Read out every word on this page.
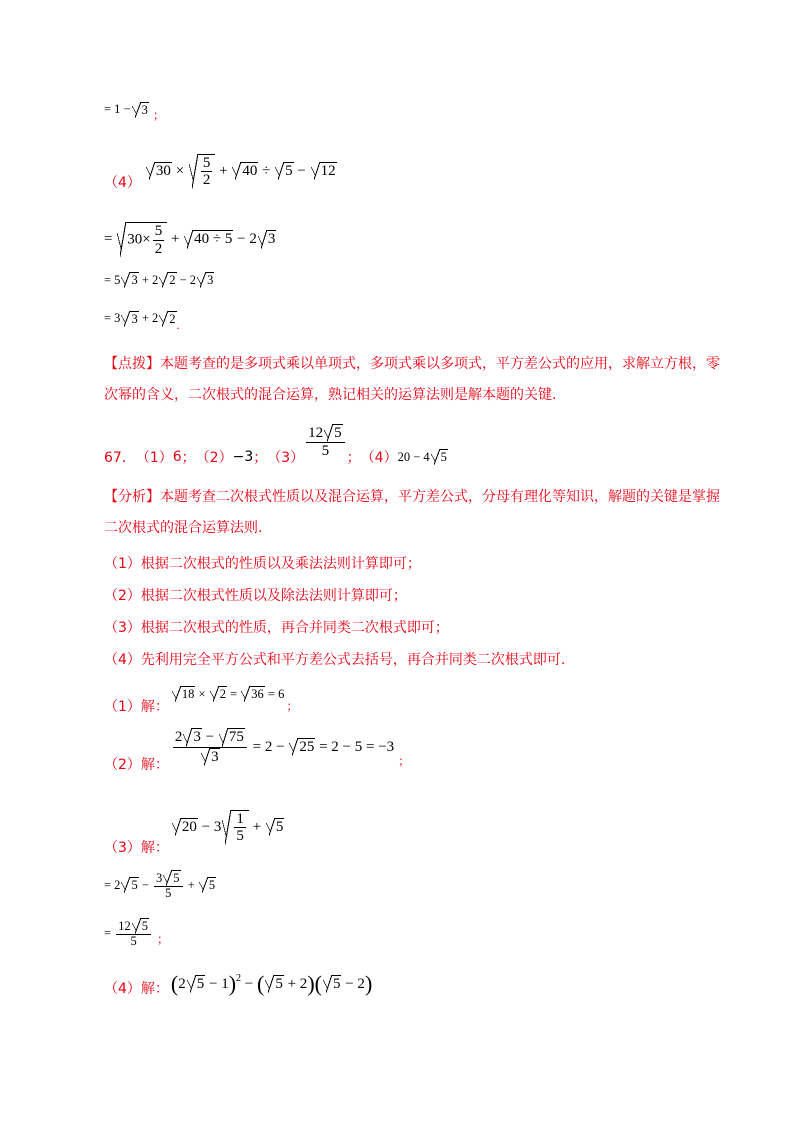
= 1 − 3 ；
（4）
$30 \times \frac{5}{2} + 40 \div 5 - 12$
= $30\times \frac{5}{2} + 40 \div 5 - 2$ 3
= 5 3 + 2 2 − 2 3
= 3 3 + 2 2 .
【点拨】本题考查的是多项式乘以单项式，多项式乘以多项式，平方差公式的应用，求解立方根，零次幂的含义，二次根式的混合运算，熟记相关的运算法则是解本题的关键.
67． （1） 6 ； （2） −3 ； $(3) \frac{12 5}{5}$ ； （4） 20 − 4 5
【分析】本题考查二次根式性质以及混合运算，平方差公式，分母有理化等知识，解题的关键是掌握二次根式的混合运算法则.
（1）根据二次根式的性质以及乘法法则计算即可；
（2）根据二次根式性质以及除法法则计算即可；
（3）根据二次根式的性质，再合并同类二次根式即可；
（4）先利用完全平方公式和平方差公式去括号，再合并同类二次根式即可.
（1）解：
18 × 2 = 36 = 6
；
（2）解： $\frac{2 3 - 75}{3} = 2 - 25 = 2 - 5 = -3$
；
（3）解：
$20 - 3 \frac{1}{5} + 5$
= 2 $5 - \frac{3 5}{5} + 5$
= $\frac{12 5}{5}$ ；
（4）解： ( 2 5 − 1 )$^2$ − ( 5 + 2 ) ( 5 − 2 )
